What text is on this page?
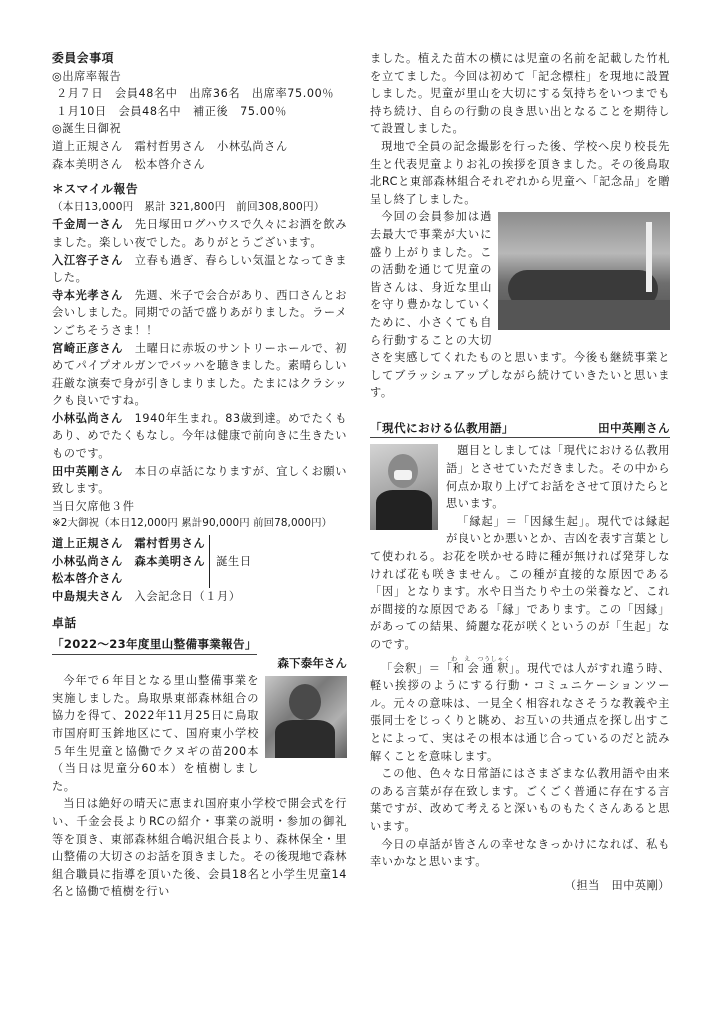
委員会事項
◎出席率報告
２月７日　会員48名中　出席36名　出席率75.00％
１月10日　会員48名中　補正後　75.00％
◎誕生日御祝
道上正規さん　霜村哲男さん　小林弘尚さん
森本美明さん　松本啓介さん
＊スマイル報告
（本日13,000円　累計 321,800円　前回308,800円）

千金周一さん　 先日塚田ログハウスで久々にお酒を飲みました。楽しい夜でした。ありがとうございます。

入江容子さん　 立春も過ぎ、春らしい気温となってきました。

寺本光孝さん　 先週、米子で会合があり、西口さんとお会いしました。同期での話で盛りあがりました。ラーメンごちそうさま！！

宮崎正彦さん　 土曜日に赤坂のサントリーホールで、初めてパイプオルガンでバッハを聴きました。素晴らしい荘厳な演奏で身が引きしまりました。たまにはクラシックも良いですね。

小林弘尚さん　 1940年生まれ。83歳到達。めでたくもあり、めでたくもなし。今年は健康で前向きに生きたいものです。

田中英剛さん　 本日の卓話になりますが、宜しくお願い致します。

当日欠席他３件
※2大御祝（本日12,000円 累計90,000円 前回78,000円）
道上正規さん　霜村哲男さん
小林弘尚さん　森本美明さん
松本啓介さん
誕生日
中島規夫さん　 入会記念日（１月）
卓話
「2022～23年度里山整備事業報告」
森下泰年さん

今年で６年目となる里山整備事業を実施しました。鳥取県東部森林組合の協力を得て、2022年11月25日に鳥取市国府町玉鉾地区にて、国府東小学校５年生児童と協働でクヌギの苗200本（当日は児童分60本）を植樹しました。

当日は絶好の晴天に恵まれ国府東小学校で開会式を行い、千金会長よりRCの紹介・事業の説明・参加の御礼等を頂き、東部森林組合嶋沢組合長より、森林保全・里山整備の大切さのお話を頂きました。その後現地で森林組合職員に指導を頂いた後、会員18名と小学生児童14名と協働で植樹を行い

ました。植えた苗木の横には児童の名前を記載した竹札を立てました。今回は初めて「記念標柱」を現地に設置しました。児童が里山を大切にする気持ちをいつまでも持ち続け、自らの行動の良き思い出となることを期待して設置しました。

現地で全員の記念撮影を行った後、学校へ戻り校長先生と代表児童よりお礼の挨拶を頂きました。その後鳥取北RCと東部森林組合それぞれから児童へ「記念品」を贈呈し終了しました。

今回の会員参加は過去最大で事業が大いに盛り上がりました。この活動を通じて児童の皆さんは、身近な里山を守り豊かなしていくために、小さくても自ら行動することの大切さを実感してくれたものと思います。今後も継続事業としてブラッシュアップしながら続けていきたいと思います。

「現代における仏教用語」	田中英剛さん

題目としましては「現代における仏教用語」とさせていただきました。その中から何点か取り上げてお話をさせて頂けたらと思います。

「縁起」＝「因縁生起」。現代では縁起が良いとか悪いとか、吉凶を表す言葉として使われる。お花を咲かせる時に種が無ければ発芽しなければ花も咲きません。この種が直接的な原因である「因」となります。水や日当たりや土の栄養など、これが間接的な原因である「縁」であります。この「因縁」があっての結果、綺麗な花が咲くというのが「生起」なのです。

「会釈」＝「和会通釈わ　え　つうしゃく」。現代では人がすれ違う時、軽い挨拶のようにする行動・コミュニケーションツール。元々の意味は、一見全く相容れなさそうな教義や主張同士をじっくりと眺め、お互いの共通点を探し出すことによって、実はその根本は通じ合っているのだと読み解くことを意味します。

この他、色々な日常語にはさまざまな仏教用語や由来のある言葉が存在致します。ごくごく普通に存在する言葉ですが、改めて考えると深いものもたくさんあると思います。

今日の卓話が皆さんの幸せなきっかけになれば、私も幸いかなと思います。

（担当　田中英剛）
